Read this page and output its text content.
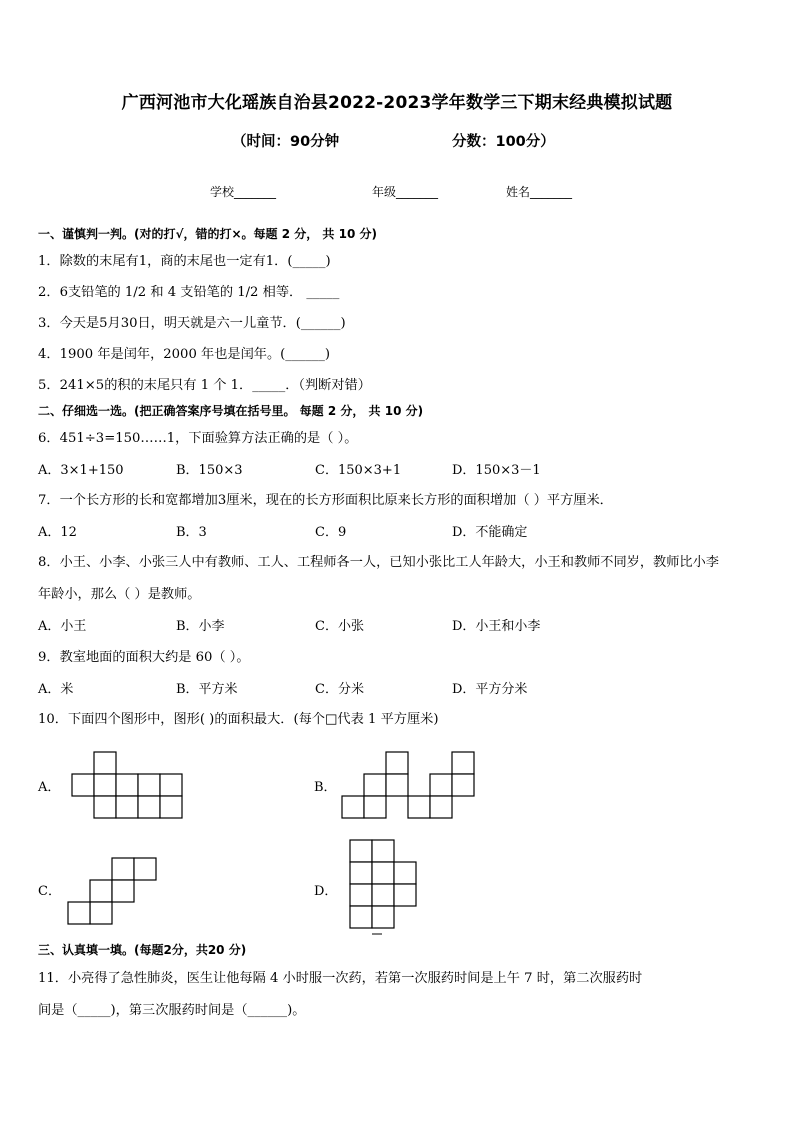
广西河池市大化瑶族自治县2022-2023学年数学三下期末经典模拟试题
（时间：90分钟	分数：100分）
学校_______	年级_______	姓名_______
一、谨慎判一判。(对的打√，错的打×。每题 2 分， 共 10 分)
1．除数的末尾有1，商的末尾也一定有1．(_____)
2．6支铅笔的 1/2 和 4 支铅笔的 1/2 相等． _____
3．今天是5月30日，明天就是六一儿童节．(______)
4．1900 年是闰年，2000 年也是闰年。(______)
5．241×5的积的末尾只有 1 个 1．_____．（判断对错）
二、仔细选一选。(把正确答案序号填在括号里。 每题 2 分， 共 10 分)
6．451÷3=150……1，下面验算方法正确的是（ ）。
A．3×1+150	B．150×3	C．150×3+1	D．150×3－1
7．一个长方形的长和宽都增加3厘米，现在的长方形面积比原来长方形的面积增加（ ）平方厘米．
A．12	B．3	C．9	D．不能确定
8．小王、小李、小张三人中有教师、工人、工程师各一人，已知小张比工人年龄大，小王和教师不同岁，教师比小李
年龄小，那么（ ）是教师。
A．小王	B．小李	C．小张	D．小王和小李
9．教室地面的面积大约是 60（ ）。
A．米	B．平方米	C．分米	D．平方分米
10．下面四个图形中，图形( )的面积最大．(每个□代表 1 平方厘米)
A．	B．
C．	D．
三、认真填一填。(每题2分，共20 分)
11．小亮得了急性肺炎，医生让他每隔 4 小时服一次药，若第一次服药时间是上午 7 时，第二次服药时
间是（_____)，第三次服药时间是（______)。
